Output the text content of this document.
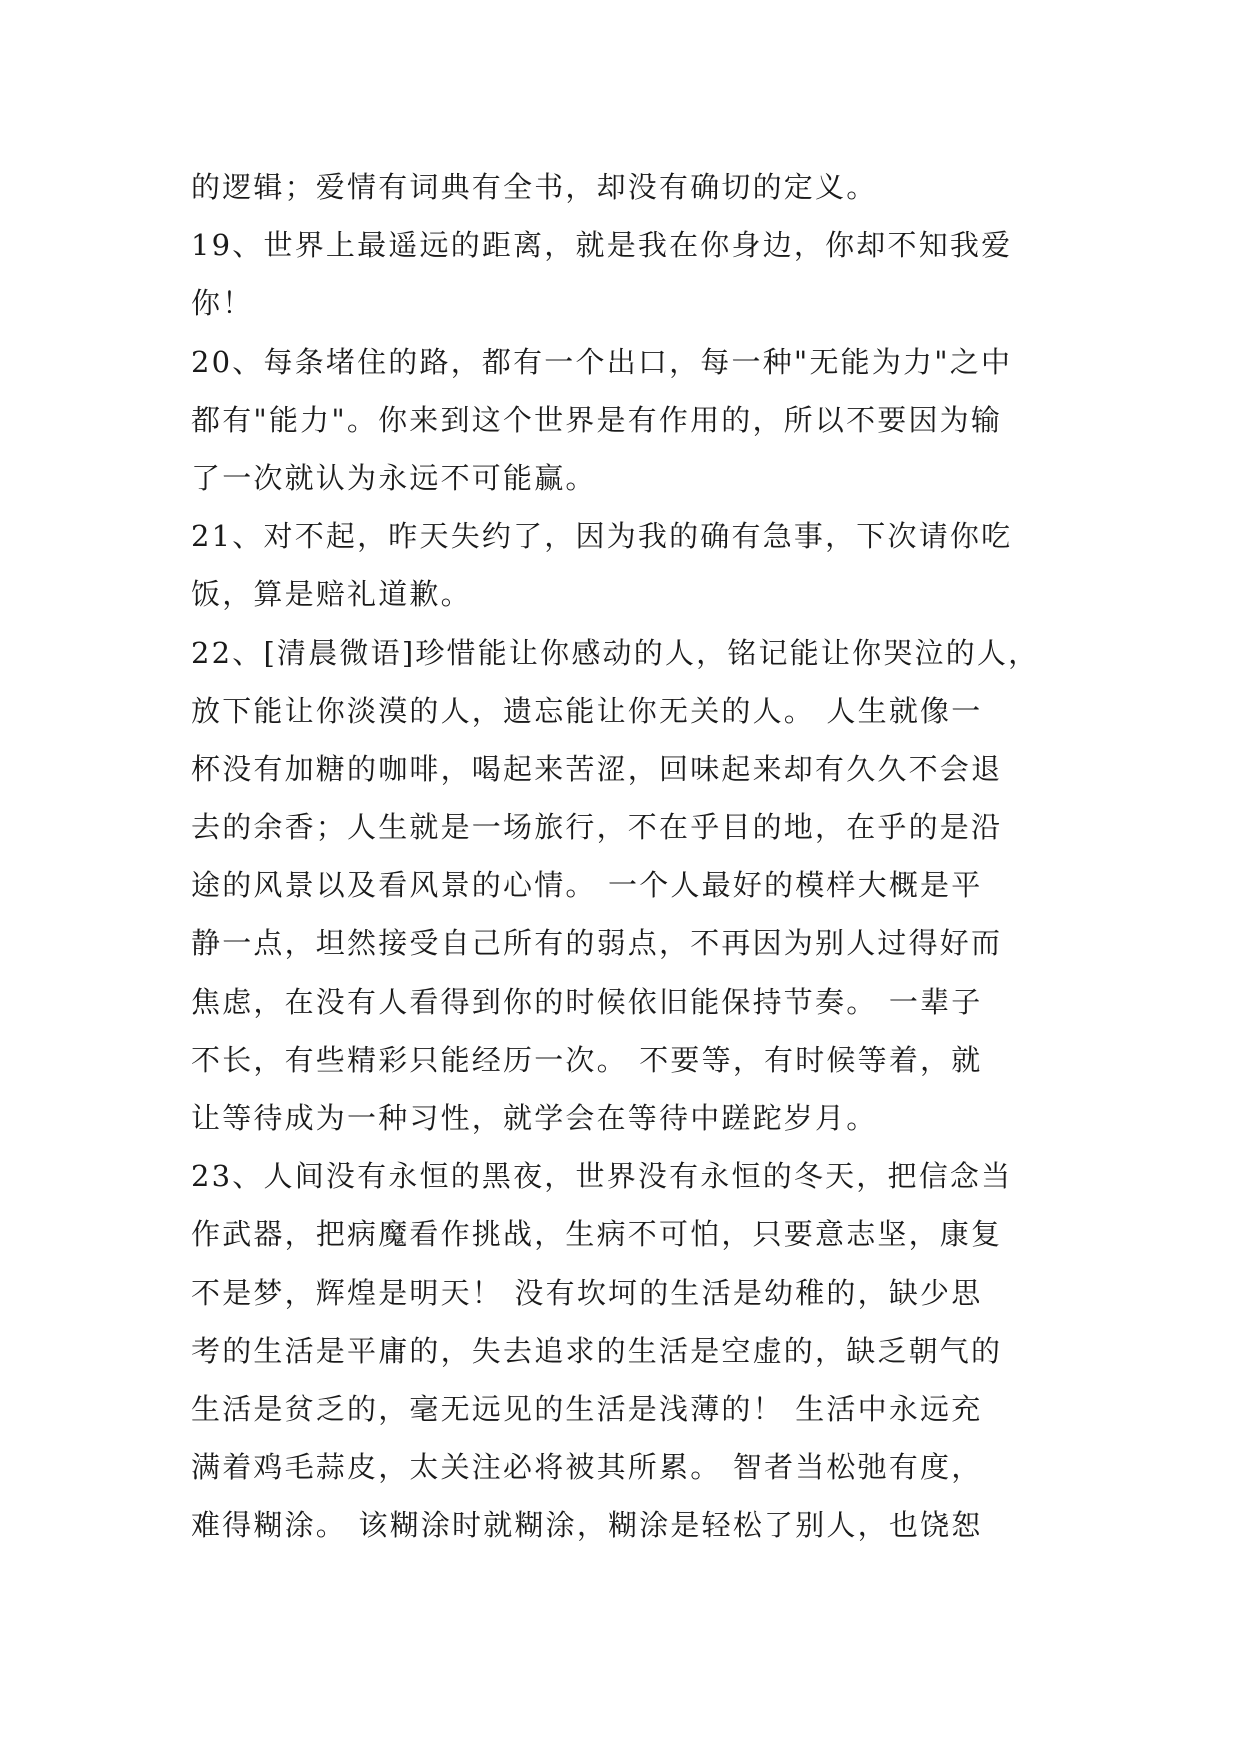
的逻辑；爱情有词典有全书，却没有确切的定义。
19、世界上最遥远的距离，就是我在你身边，你却不知我爱
你！
20、每条堵住的路，都有一个出口，每一种"无能为力"之中
都有"能力"。你来到这个世界是有作用的，所以不要因为输
了一次就认为永远不可能赢。
21、对不起，昨天失约了，因为我的确有急事，下次请你吃
饭，算是赔礼道歉。
22、[清晨微语]珍惜能让你感动的人，铭记能让你哭泣的人，
放下能让你淡漠的人，遗忘能让你无关的人。 人生就像一
杯没有加糖的咖啡，喝起来苦涩，回味起来却有久久不会退
去的余香；人生就是一场旅行，不在乎目的地，在乎的是沿
途的风景以及看风景的心情。 一个人最好的模样大概是平
静一点，坦然接受自己所有的弱点，不再因为别人过得好而
焦虑，在没有人看得到你的时候依旧能保持节奏。 一辈子
不长，有些精彩只能经历一次。 不要等，有时候等着，就
让等待成为一种习性，就学会在等待中蹉跎岁月。
23、人间没有永恒的黑夜，世界没有永恒的冬天，把信念当
作武器，把病魔看作挑战，生病不可怕，只要意志坚，康复
不是梦，辉煌是明天！ 没有坎坷的生活是幼稚的，缺少思
考的生活是平庸的，失去追求的生活是空虚的，缺乏朝气的
生活是贫乏的，毫无远见的生活是浅薄的！ 生活中永远充
满着鸡毛蒜皮，太关注必将被其所累。 智者当松弛有度，
难得糊涂。 该糊涂时就糊涂，糊涂是轻松了别人，也饶恕
